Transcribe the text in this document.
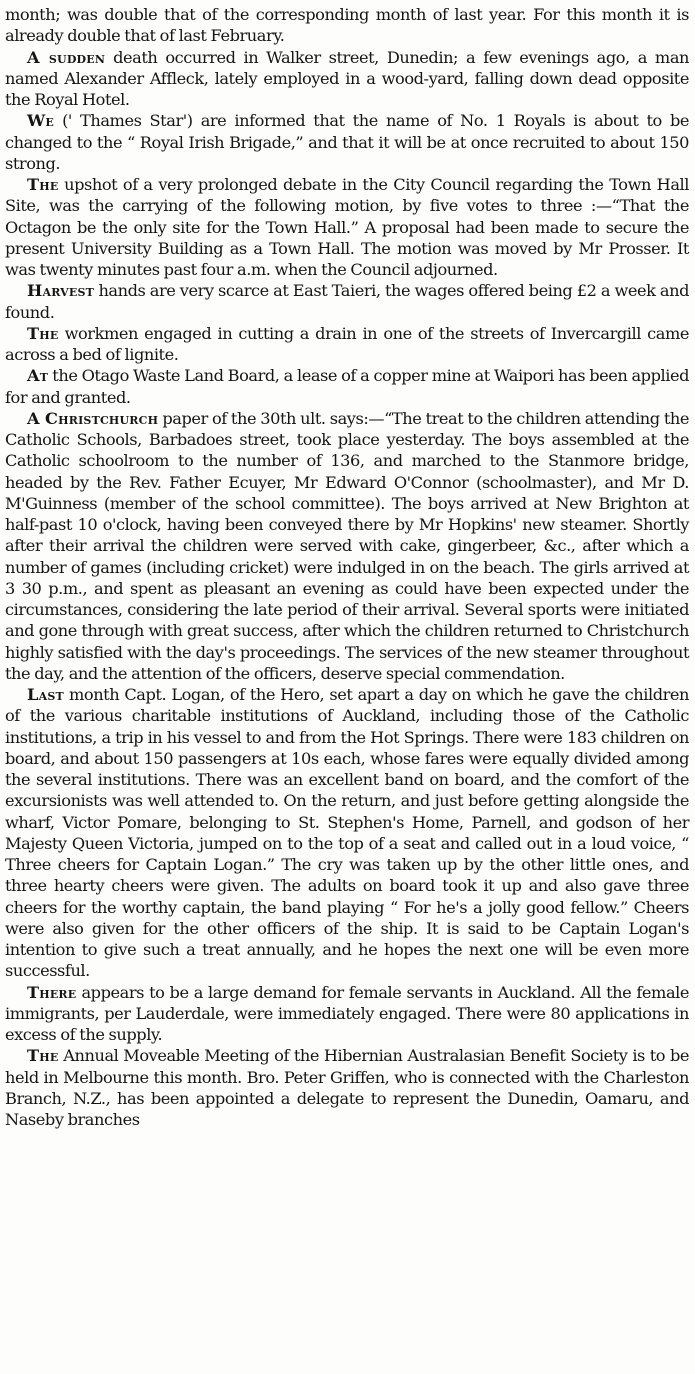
month; was double that of the corresponding month of last year. For this month it is already double that of last February.

A sudden death occurred in Walker street, Dunedin; a few evenings ago, a man named Alexander Affleck, lately employed in a wood-yard, falling down dead opposite the Royal Hotel.

We (' Thames Star') are informed that the name of No. 1 Royals is about to be changed to the “ Royal Irish Brigade,” and that it will be at once recruited to about 150 strong.

The upshot of a very prolonged debate in the City Council regarding the Town Hall Site, was the carrying of the following motion, by five votes to three :—“That the Octagon be the only site for the Town Hall.” A proposal had been made to secure the present University Building as a Town Hall. The motion was moved by Mr Prosser. It was twenty minutes past four a.m. when the Council adjourned.

Harvest hands are very scarce at East Taieri, the wages offered being £2 a week and found.

The workmen engaged in cutting a drain in one of the streets of Invercargill came across a bed of lignite.

At the Otago Waste Land Board, a lease of a copper mine at Waipori has been applied for and granted.

A Christchurch paper of the 30th ult. says:—“The treat to the children attending the Catholic Schools, Barbadoes street, took place yesterday. The boys assembled at the Catholic schoolroom to the number of 136, and marched to the Stanmore bridge, headed by the Rev. Father Ecuyer, Mr Edward O'Connor (schoolmaster), and Mr D. M'Guinness (member of the school committee). The boys arrived at New Brighton at half-past 10 o'clock, having been conveyed there by Mr Hopkins' new steamer. Shortly after their arrival the children were served with cake, gingerbeer, &c., after which a number of games (including cricket) were indulged in on the beach. The girls arrived at 3 30 p.m., and spent as pleasant an evening as could have been expected under the circumstances, considering the late period of their arrival. Several sports were initiated and gone through with great success, after which the children returned to Christchurch highly satisfied with the day's proceedings. The services of the new steamer throughout the day, and the attention of the officers, deserve special commendation.

Last month Capt. Logan, of the Hero, set apart a day on which he gave the children of the various charitable institutions of Auckland, including those of the Catholic institutions, a trip in his vessel to and from the Hot Springs. There were 183 children on board, and about 150 passengers at 10s each, whose fares were equally divided among the several institutions. There was an excellent band on board, and the comfort of the excursionists was well attended to. On the return, and just before getting alongside the wharf, Victor Pomare, belonging to St. Stephen's Home, Parnell, and godson of her Majesty Queen Victoria, jumped on to the top of a seat and called out in a loud voice, “ Three cheers for Captain Logan.” The cry was taken up by the other little ones, and three hearty cheers were given. The adults on board took it up and also gave three cheers for the worthy captain, the band playing “ For he's a jolly good fellow.” Cheers were also given for the other officers of the ship. It is said to be Captain Logan's intention to give such a treat annually, and he hopes the next one will be even more successful.

There appears to be a large demand for female servants in Auckland. All the female immigrants, per Lauderdale, were immediately engaged. There were 80 applications in excess of the supply.

The Annual Moveable Meeting of the Hibernian Australasian Benefit Society is to be held in Melbourne this month. Bro. Peter Griffen, who is connected with the Charleston Branch, N.Z., has been appointed a delegate to represent the Dunedin, Oamaru, and Naseby branches
